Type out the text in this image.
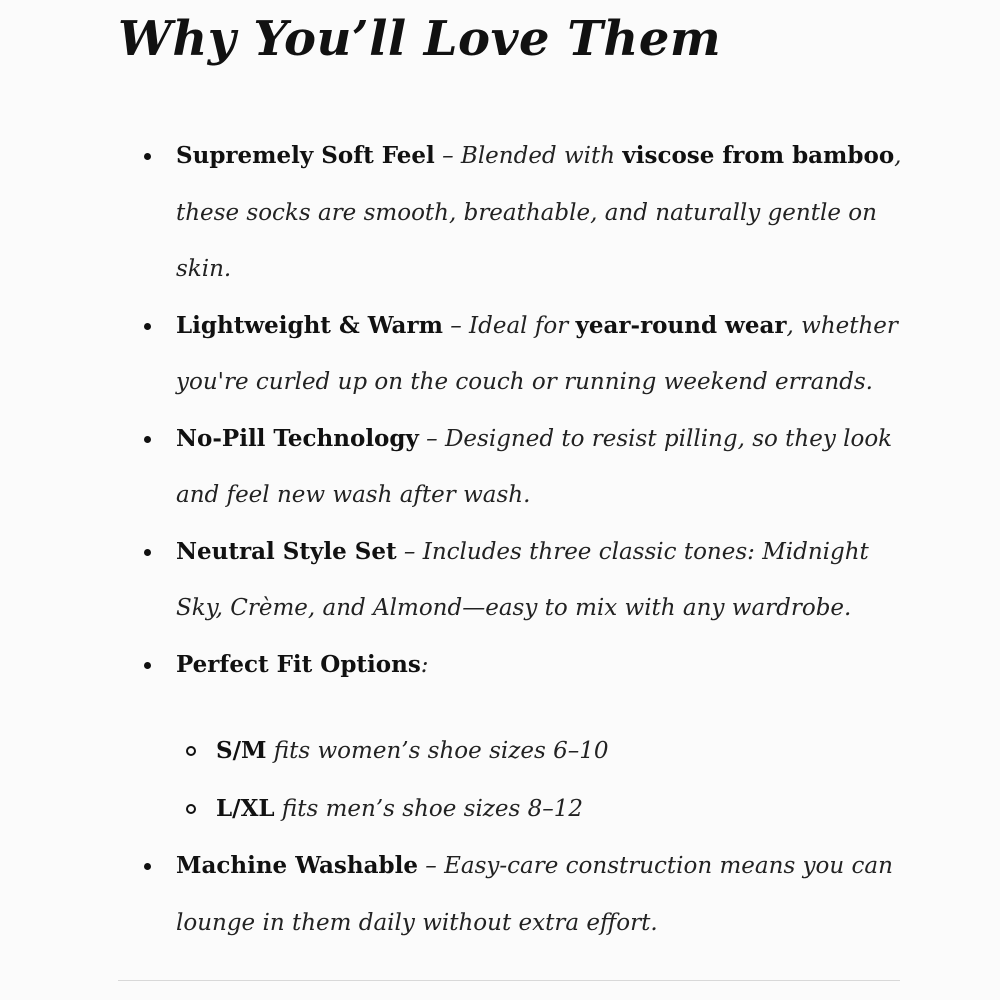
Why You’ll Love Them
Supremely Soft Feel – Blended with viscose from bamboo, these socks are smooth, breathable, and naturally gentle on skin.
Lightweight & Warm – Ideal for year-round wear, whether you're curled up on the couch or running weekend errands.
No-Pill Technology – Designed to resist pilling, so they look and feel new wash after wash.
Neutral Style Set – Includes three classic tones: Midnight Sky, Crème, and Almond—easy to mix with any wardrobe.
Perfect Fit Options:
S/M fits women’s shoe sizes 6–10
L/XL fits men’s shoe sizes 8–12
Machine Washable – Easy-care construction means you can lounge in them daily without extra effort.
